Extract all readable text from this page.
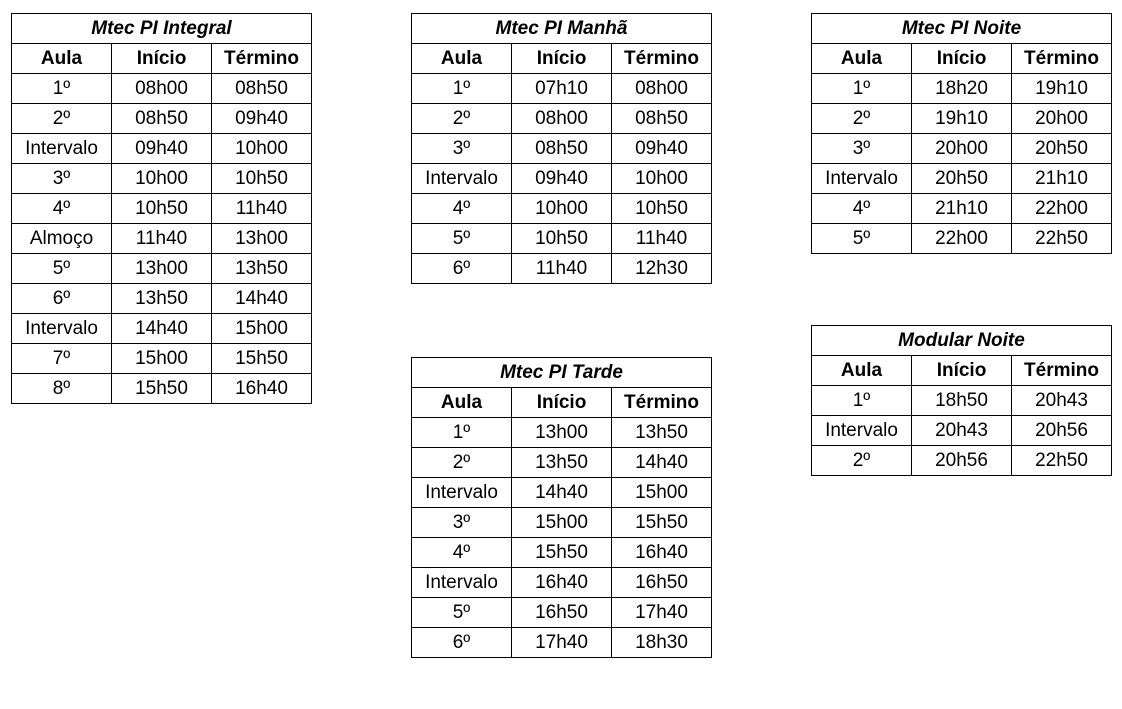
Mtec PI Integral		
Aula	Início	Término
1º	08h00	08h50
2º	08h50	09h40
Intervalo	09h40	10h00
3º	10h00	10h50
4º	10h50	11h40
Almoço	11h40	13h00
5º	13h00	13h50
6º	13h50	14h40
Intervalo	14h40	15h00
7º	15h00	15h50
8º	15h50	16h40
Mtec PI Manhã		
Aula	Início	Término
1º	07h10	08h00
2º	08h00	08h50
3º	08h50	09h40
Intervalo	09h40	10h00
4º	10h00	10h50
5º	10h50	11h40
6º	11h40	12h30
Mtec PI Noite		
Aula	Início	Término
1º	18h20	19h10
2º	19h10	20h00
3º	20h00	20h50
Intervalo	20h50	21h10
4º	21h10	22h00
5º	22h00	22h50
Mtec PI Tarde		
Aula	Início	Término
1º	13h00	13h50
2º	13h50	14h40
Intervalo	14h40	15h00
3º	15h00	15h50
4º	15h50	16h40
Intervalo	16h40	16h50
5º	16h50	17h40
6º	17h40	18h30
Modular Noite		
Aula	Início	Término
1º	18h50	20h43
Intervalo	20h43	20h56
2º	20h56	22h50
